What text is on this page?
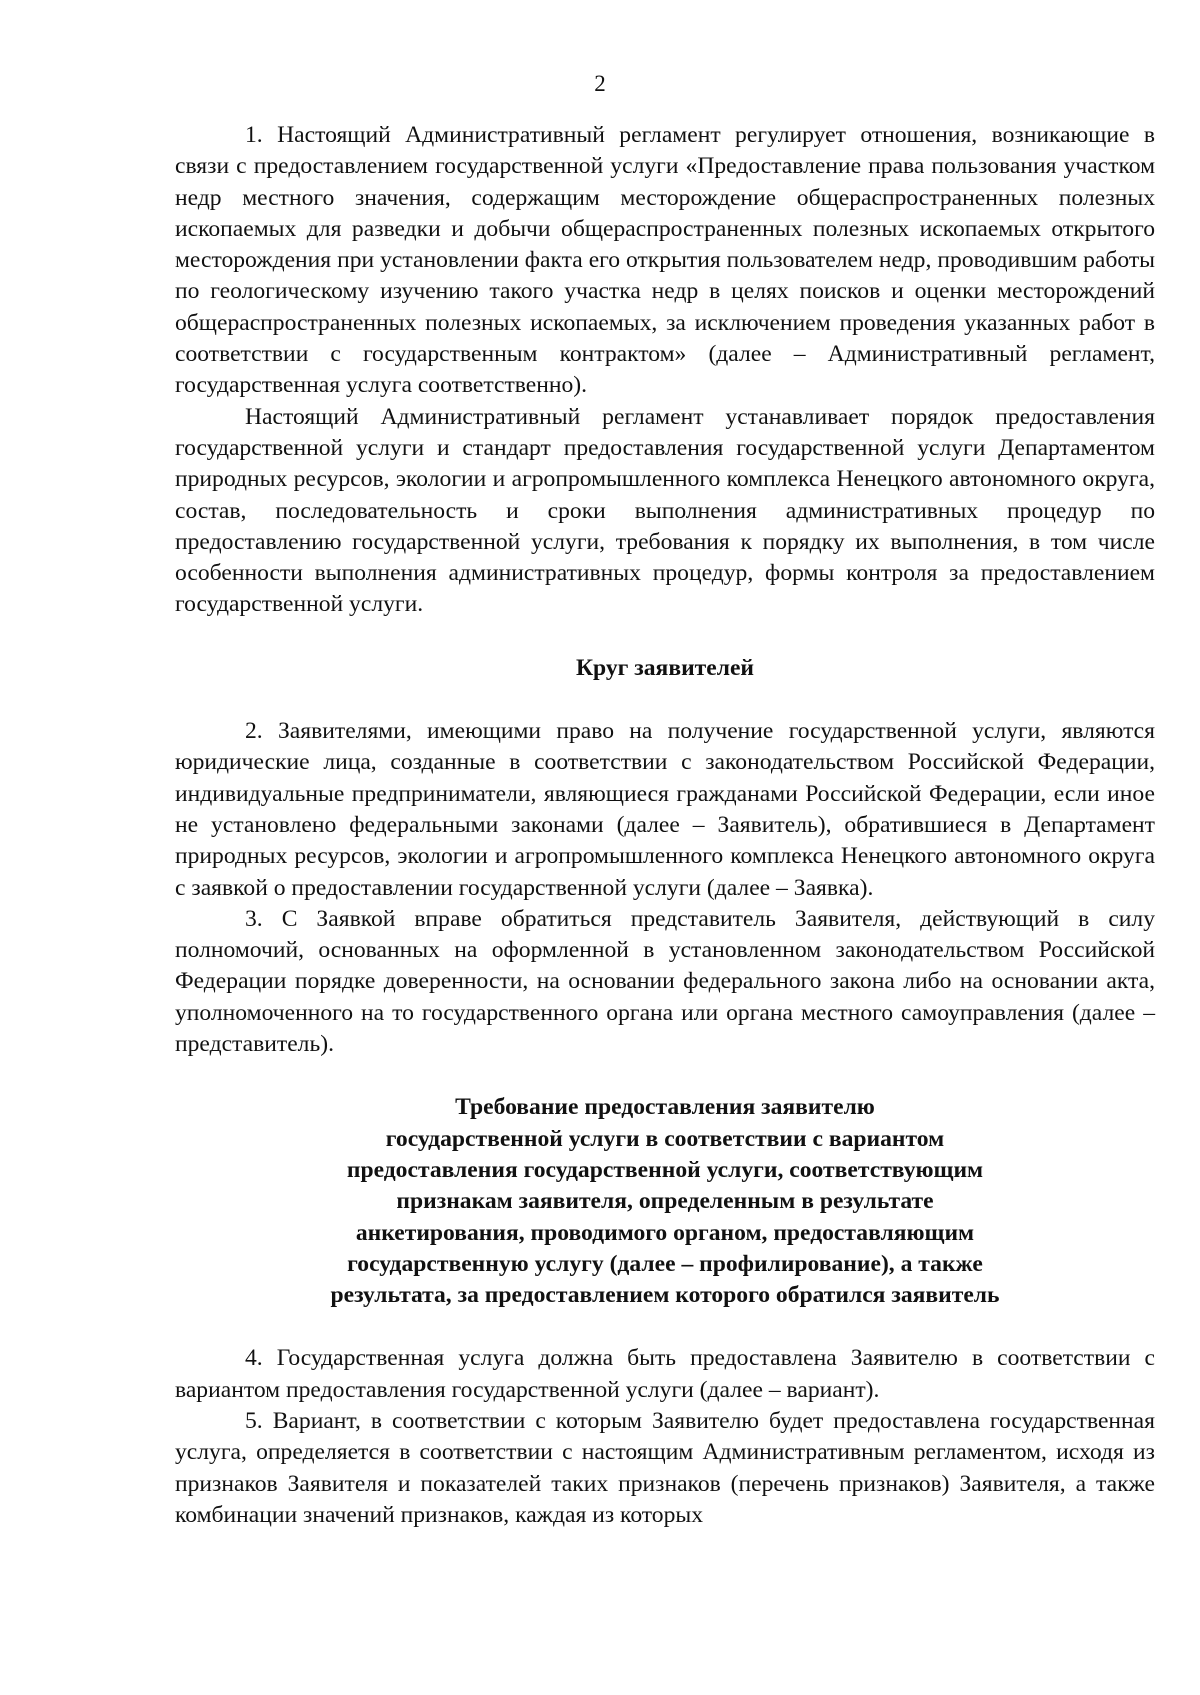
2

1. Настоящий Административный регламент регулирует отношения, возникающие в связи с предоставлением государственной услуги «Предоставление права пользования участком недр местного значения, содержащим месторождение общераспространенных полезных ископаемых для разведки и добычи общераспространенных полезных ископаемых открытого месторождения при установлении факта его открытия пользователем недр, проводившим работы по геологическому изучению такого участка недр в целях поисков и оценки месторождений общераспространенных полезных ископаемых, за исключением проведения указанных работ в соответствии с государственным контрактом» (далее – Административный регламент, государственная услуга соответственно).

Настоящий Административный регламент устанавливает порядок предоставления государственной услуги и стандарт предоставления государственной услуги Департаментом природных ресурсов, экологии и агропромышленного комплекса Ненецкого автономного округа, состав, последовательность и сроки выполнения административных процедур по предоставлению государственной услуги, требования к порядку их выполнения, в том числе особенности выполнения административных процедур, формы контроля за предоставлением государственной услуги.

Круг заявителей

2. Заявителями, имеющими право на получение государственной услуги, являются юридические лица, созданные в соответствии с законодательством Российской Федерации, индивидуальные предприниматели, являющиеся гражданами Российской Федерации, если иное не установлено федеральными законами (далее – Заявитель), обратившиеся в Департамент природных ресурсов, экологии и агропромышленного комплекса Ненецкого автономного округа с заявкой о предоставлении государственной услуги (далее – Заявка).

3. С Заявкой вправе обратиться представитель Заявителя, действующий в силу полномочий, основанных на оформленной в установленном законодательством Российской Федерации порядке доверенности, на основании федерального закона либо на основании акта, уполномоченного на то государственного органа или органа местного самоуправления (далее – представитель).

Требование предоставления заявителю
государственной услуги в соответствии с вариантом
предоставления государственной услуги, соответствующим
признакам заявителя, определенным в результате
анкетирования, проводимого органом, предоставляющим
государственную услугу (далее – профилирование), а также
результата, за предоставлением которого обратился заявитель

4. Государственная услуга должна быть предоставлена Заявителю в соответствии с вариантом предоставления государственной услуги (далее – вариант).

5. Вариант, в соответствии с которым Заявителю будет предоставлена государственная услуга, определяется в соответствии с настоящим Административным регламентом, исходя из признаков Заявителя и показателей таких признаков (перечень признаков) Заявителя, а также комбинации значений признаков, каждая из которых
